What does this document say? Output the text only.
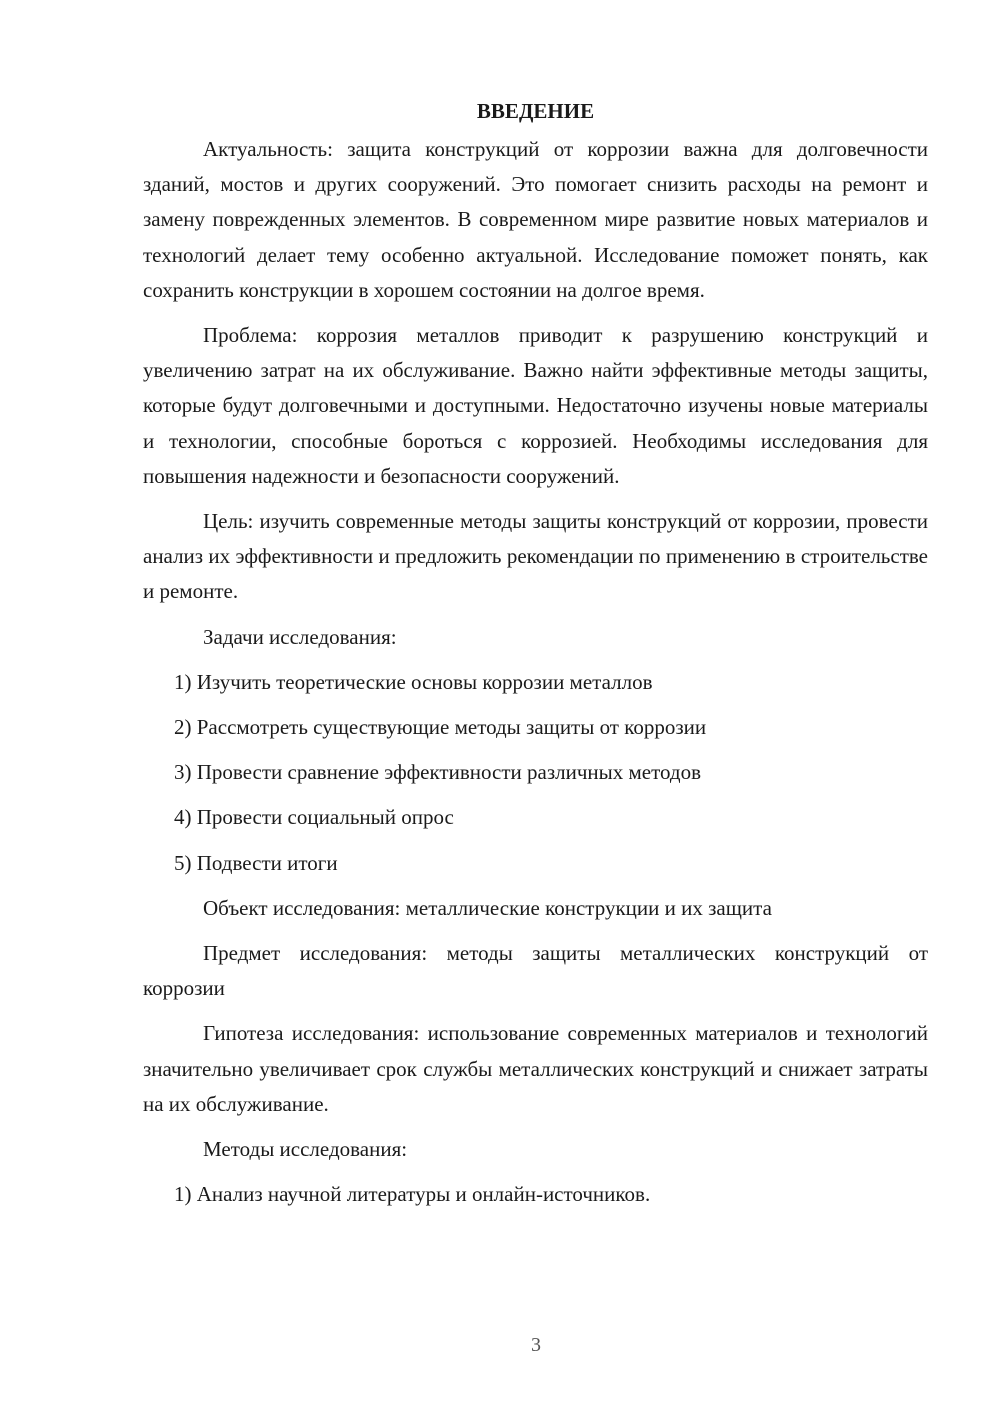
ВВЕДЕНИЕ

Актуальность: защита конструкций от коррозии важна для долговечности зданий, мостов и других сооружений. Это помогает снизить расходы на ремонт и замену поврежденных элементов. В современном мире развитие новых материалов и технологий делает тему особенно актуальной. Исследование поможет понять, как сохранить конструкции в хорошем состоянии на долгое время.

Проблема: коррозия металлов приводит к разрушению конструкций и увеличению затрат на их обслуживание. Важно найти эффективные методы защиты, которые будут долговечными и доступными. Недостаточно изучены новые материалы и технологии, способные бороться с коррозией. Необходимы исследования для повышения надежности и безопасности сооружений.

Цель: изучить современные методы защиты конструкций от коррозии, провести анализ их эффективности и предложить рекомендации по применению в строительстве и ремонте.

Задачи исследования:

1) Изучить теоретические основы коррозии металлов

2) Рассмотреть существующие методы защиты от коррозии

3) Провести сравнение эффективности различных методов

4) Провести социальный опрос

5) Подвести итоги

Объект исследования: металлические конструкции и их защита

Предмет исследования: методы защиты металлических конструкций от коррозии

Гипотеза исследования: использование современных материалов и технологий значительно увеличивает срок службы металлических конструкций и снижает затраты на их обслуживание.

Методы исследования:

1) Анализ научной литературы и онлайн-источников.

3
